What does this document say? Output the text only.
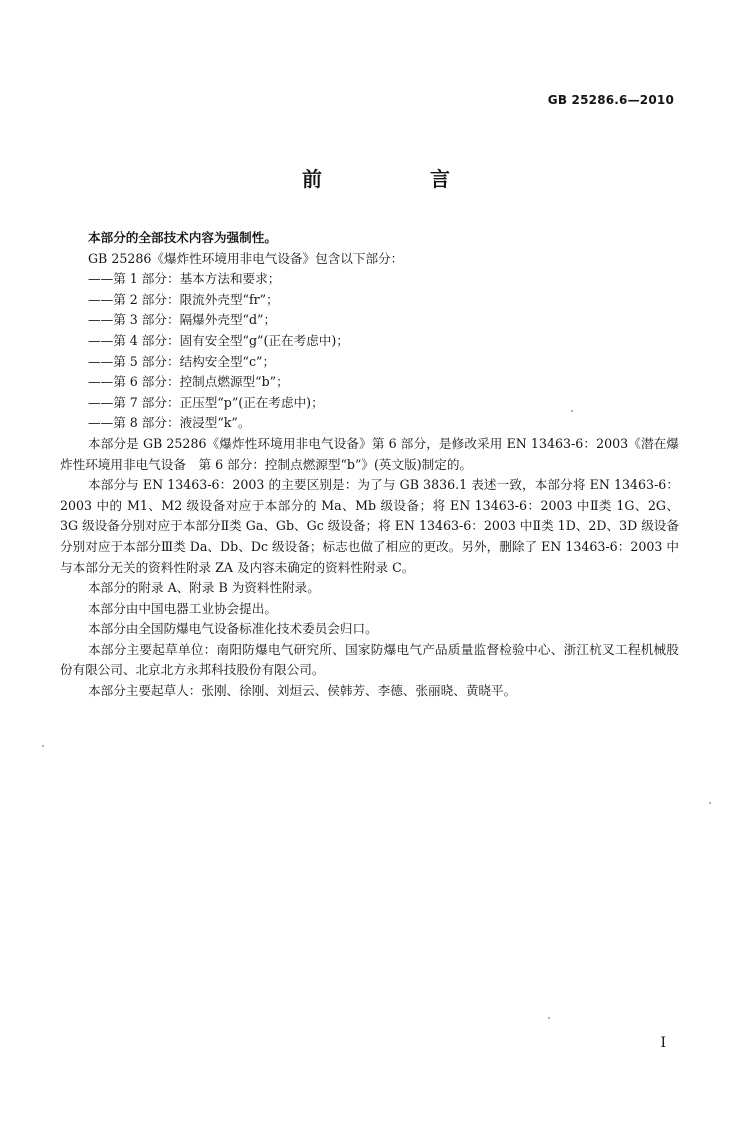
GB 25286.6—2010
前　言

本部分的全部技术内容为强制性。

GB 25286《爆炸性环境用非电气设备》包含以下部分：

——第 1 部分：基本方法和要求；
——第 2 部分：限流外壳型“fr”；
——第 3 部分：隔爆外壳型“d”；
——第 4 部分：固有安全型“g”(正在考虑中)；
——第 5 部分：结构安全型“c”；
——第 6 部分：控制点燃源型“b”；
——第 7 部分：正压型“p”(正在考虑中)；
——第 8 部分：液浸型“k”。

本部分是 GB 25286《爆炸性环境用非电气设备》第 6 部分，是修改采用 EN 13463-6：2003《潜在爆炸性环境用非电气设备　第 6 部分：控制点燃源型“b”》(英文版)制定的。

本部分与 EN 13463-6：2003 的主要区别是：为了与 GB 3836.1 表述一致，本部分将 EN 13463-6：2003 中的 M1、M2 级设备对应于本部分的 Ma、Mb 级设备；将 EN 13463-6：2003 中Ⅱ类 1G、2G、3G 级设备分别对应于本部分Ⅱ类 Ga、Gb、Gc 级设备；将 EN 13463-6：2003 中Ⅱ类 1D、2D、3D 级设备分别对应于本部分Ⅲ类 Da、Db、Dc 级设备；标志也做了相应的更改。另外，删除了 EN 13463-6：2003 中与本部分无关的资料性附录 ZA 及内容未确定的资料性附录 C。

本部分的附录 A、附录 B 为资料性附录。

本部分由中国电器工业协会提出。

本部分由全国防爆电气设备标准化技术委员会归口。

本部分主要起草单位：南阳防爆电气研究所、国家防爆电气产品质量监督检验中心、浙江杭叉工程机械股份有限公司、北京北方永邦科技股份有限公司。

本部分主要起草人：张刚、徐刚、刘烜云、侯韩芳、李德、张丽晓、黄晓平。

I
